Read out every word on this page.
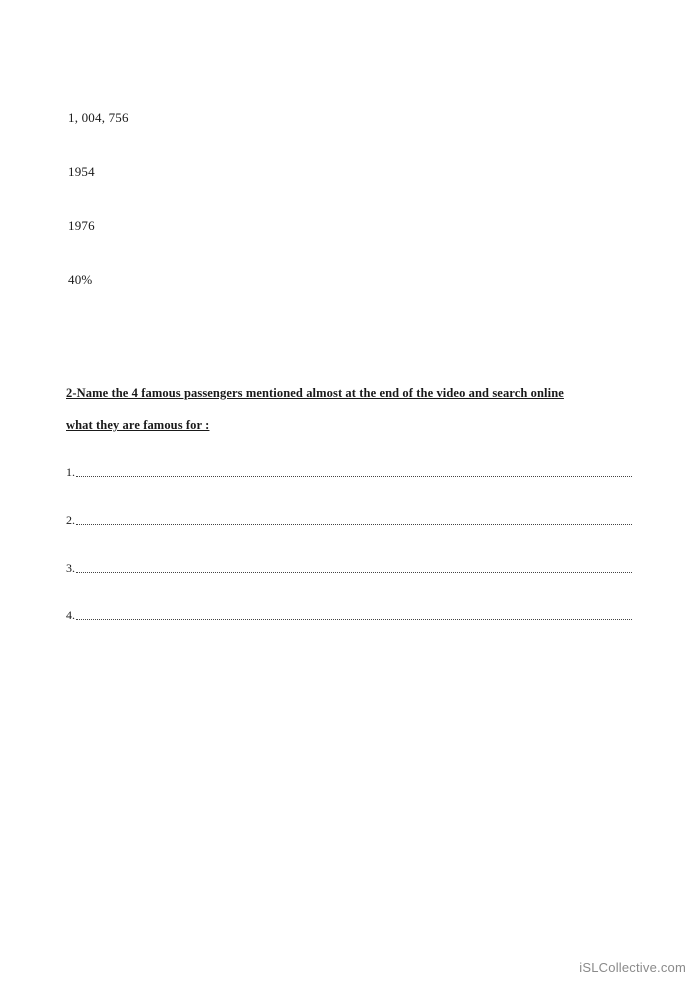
1, 004, 756
1954
1976
40%
2-Name the 4 famous passengers mentioned almost at the end of the video and search online
what they are famous for :
1.
2.
3.
4.
iSLCollective.com
